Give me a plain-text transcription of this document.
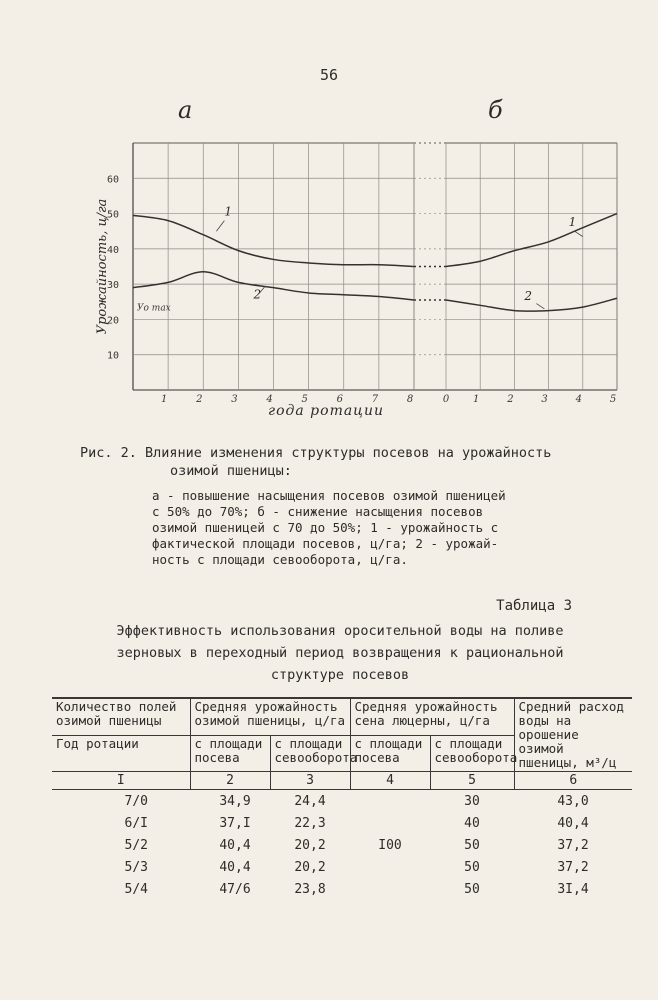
56
а	б
10
20
30
40
50
60
1	2	3	4	5	6	7	8	0 1	2	3	4	5
1
2
1
2
Уо max
Урожайность, ц/га
года ротации
Рис. 2. Влияние изменения структуры посевов на урожайность
озимой пшеницы:
а - повышение насыщения посевов озимой пшеницей
с 50% до 70%; б - снижение насыщения посевов
озимой пшеницей с 70 до 50%; 1 - урожайность с
фактической площади посевов, ц/га; 2 - урожай-
ность с площади севооборота, ц/га.
Таблица 3
Эффективность использования оросительной воды на поливе
зерновых в переходный период возвращения к рациональной
структуре посевов
Количество полей озимой пшеницы	Средняя урожайность озимой пшеницы, ц/га		Средняя урожайность сена люцерны, ц/га		Средний расход воды на орошение озимой пшеницы, м³/ц
Год ротации	с площади посева	с площади севооборота	с площади посева	с площади севооборота	
I	2	3	4	5	6
7/0	34,9	24,4		30	43,0
6/I	37,I	22,3		40	40,4
5/2	40,4	20,2	I00	50	37,2
5/3	40,4	20,2		50	37,2
5/4	47/6	23,8		50	3I,4
